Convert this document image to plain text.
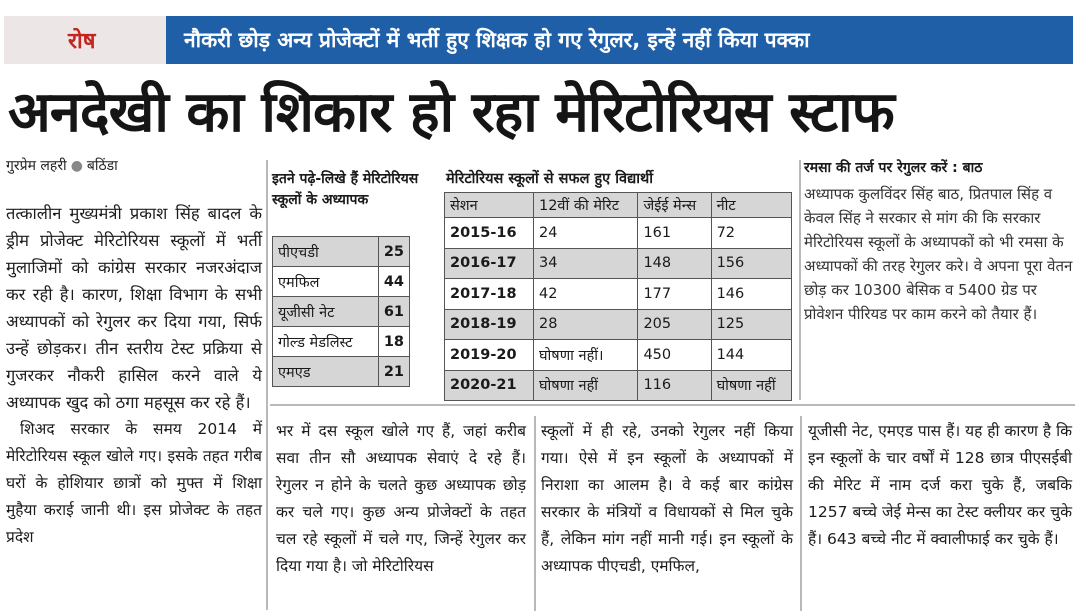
रोष	नौकरी छोड़ अन्य प्रोजेक्टों में भर्ती हुए शिक्षक हो गए रेगुलर, इन्हें नहीं किया पक्का
अनदेखी का शिकार हो रहा मेरिटोरियस स्टाफ
गुरप्रेम लहरी ● बठिंडा

तत्कालीन मुख्यमंत्री प्रकाश सिंह बादल के ड्रीम प्रोजेक्ट मेरिटोरियस स्कूलों में भर्ती मुलाजिमों को कांग्रेस सरकार नजरअंदाज कर रही है। कारण, शिक्षा विभाग के सभी अध्यापकों को रेगुलर कर दिया गया, सिर्फ उन्हें छोड़कर। तीन स्तरीय टेस्ट प्रक्रिया से गुजरकर नौकरी हासिल करने वाले ये अध्यापक खुद को ठगा महसूस कर रहे हैं।

शिअद सरकार के समय 2014 में मेरिटोरियस स्कूल खोले गए। इसके तहत गरीब घरों के होशियार छात्रों को मुफ्त में शिक्षा मुहैया कराई जानी थी। इस प्रोजेक्ट के तहत प्रदेश

इतने पढ़े-लिखे हैं मेरिटोरियस स्कूलों के अध्यापक
पीएचडी	25
एमफिल	44
यूजीसी नेट	61
गोल्ड मेडलिस्ट	18
एमएड	21
मेरिटोरियस स्कूलों से सफल हुए विद्यार्थी
सेशन	12वीं की मेरिट	जेईई मेन्स	नीट
2015-16	24	161	72
2016-17	34	148	156
2017-18	42	177	146
2018-19	28	205	125
2019-20	घोषणा नहीं।	450	144
2020-21	घोषणा नहीं	116	घोषणा नहीं
रमसा की तर्ज पर रेगुलर करें : बाठ

अध्यापक कुलविंदर सिंह बाठ, प्रितपाल सिंह व केवल सिंह ने सरकार से मांग की कि सरकार मेरिटोरियस स्कूलों के अध्यापकों को भी रमसा के अध्यापकों की तरह रेगुलर करे। वे अपना पूरा वेतन छोड़ कर 10300 बेसिक व 5400 ग्रेड पर प्रोवेशन पीरियड पर काम करने को तैयार हैं।

भर में दस स्कूल खोले गए हैं, जहां करीब सवा तीन सौ अध्यापक सेवाएं दे रहे हैं। रेगुलर न होने के चलते कुछ अध्यापक छोड़ कर चले गए। कुछ अन्य प्रोजेक्टों के तहत चल रहे स्कूलों में चले गए, जिन्हें रेगुलर कर दिया गया है। जो मेरिटोरियस

स्कूलों में ही रहे, उनको रेगुलर नहीं किया गया। ऐसे में इन स्कूलों के अध्यापकों में निराशा का आलम है। वे कई बार कांग्रेस सरकार के मंत्रियों व विधायकों से मिल चुके हैं, लेकिन मांग नहीं मानी गई। इन स्कूलों के अध्यापक पीएचडी, एमफिल,

यूजीसी नेट, एमएड पास हैं। यह ही कारण है कि इन स्कूलों के चार वर्षों में 128 छात्र पीएसईबी की मेरिट में नाम दर्ज करा चुके हैं, जबकि 1257 बच्चे जेई मेन्स का टेस्ट क्लीयर कर चुके हैं। 643 बच्चे नीट में क्वालीफाई कर चुके हैं।
